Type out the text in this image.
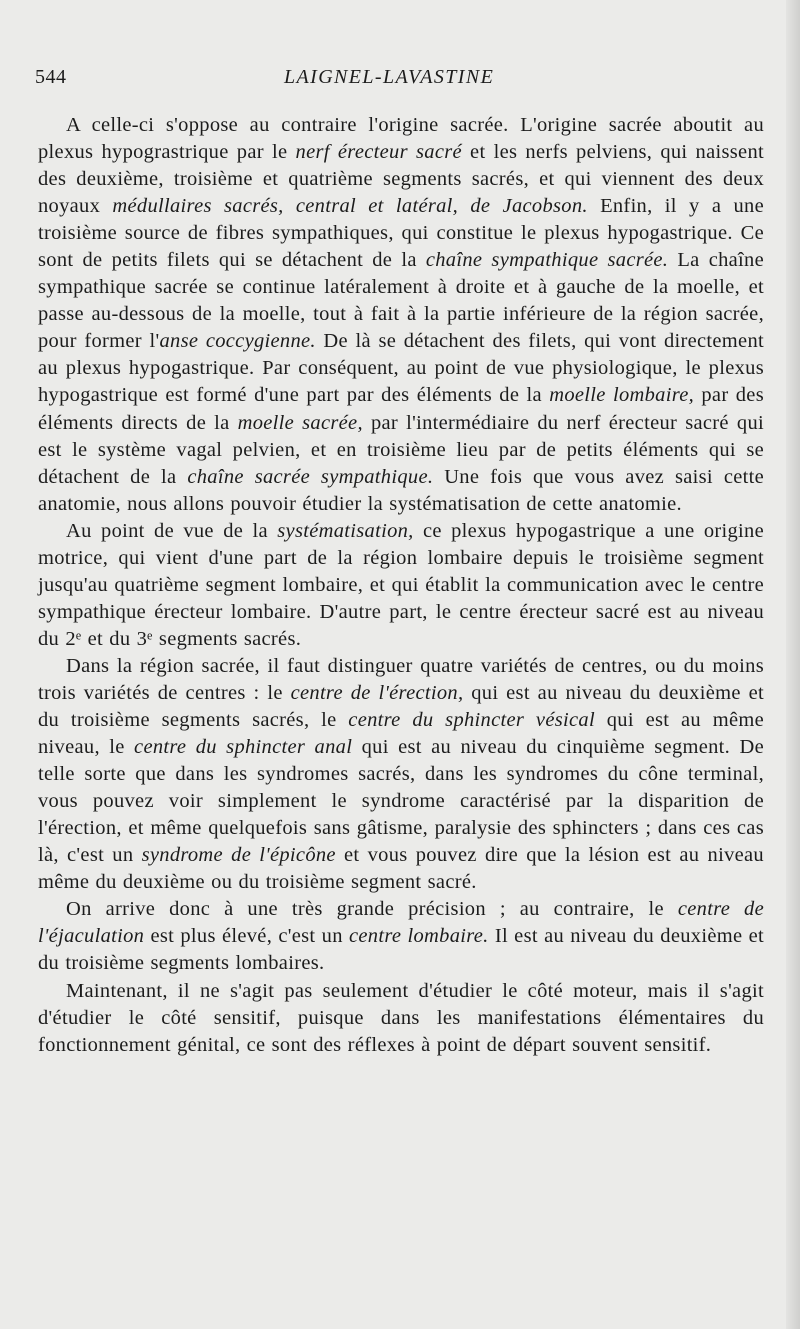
544	LAIGNEL-LAVASTINE

A celle-ci s'oppose au contraire l'origine sacrée. L'origine sacrée aboutit au plexus hypograstrique par le nerf érecteur sacré et les nerfs pelviens, qui naissent des deuxième, troisième et quatrième segments sacrés, et qui viennent des deux noyaux médullaires sacrés, central et latéral, de Jacobson. Enfin, il y a une troisième source de fibres sympathiques, qui constitue le plexus hypogastrique. Ce sont de petits filets qui se détachent de la chaîne sympathique sacrée. La chaîne sympathique sacrée se continue latéralement à droite et à gauche de la moelle, et passe au-dessous de la moelle, tout à fait à la partie inférieure de la région sacrée, pour former l'anse coccygienne. De là se détachent des filets, qui vont directement au plexus hypogastrique. Par conséquent, au point de vue physiologique, le plexus hypogastrique est formé d'une part par des éléments de la moelle lombaire, par des éléments directs de la moelle sacrée, par l'intermédiaire du nerf érecteur sacré qui est le système vagal pelvien, et en troisième lieu par de petits éléments qui se détachent de la chaîne sacrée sympathique. Une fois que vous avez saisi cette anatomie, nous allons pouvoir étudier la systématisation de cette anatomie.

Au point de vue de la systématisation, ce plexus hypogastrique a une origine motrice, qui vient d'une part de la région lombaire depuis le troisième segment jusqu'au quatrième segment lombaire, et qui établit la communication avec le centre sympathique érecteur lombaire. D'autre part, le centre érecteur sacré est au niveau du 2ᵉ et du 3ᵉ segments sacrés.

Dans la région sacrée, il faut distinguer quatre variétés de centres, ou du moins trois variétés de centres : le centre de l'érection, qui est au niveau du deuxième et du troisième segments sacrés, le centre du sphincter vésical qui est au même niveau, le centre du sphincter anal qui est au niveau du cinquième segment. De telle sorte que dans les syndromes sacrés, dans les syndromes du cône terminal, vous pouvez voir simplement le syndrome caractérisé par la disparition de l'érection, et même quelquefois sans gâtisme, paralysie des sphincters ; dans ces cas là, c'est un syndrome de l'épicône et vous pouvez dire que la lésion est au niveau même du deuxième ou du troisième segment sacré.

On arrive donc à une très grande précision ; au contraire, le centre de l'éjaculation est plus élevé, c'est un centre lombaire. Il est au niveau du deuxième et du troisième segments lombaires.

Maintenant, il ne s'agit pas seulement d'étudier le côté moteur, mais il s'agit d'étudier le côté sensitif, puisque dans les manifestations élémentaires du fonctionnement génital, ce sont des réflexes à point de départ souvent sensitif.
